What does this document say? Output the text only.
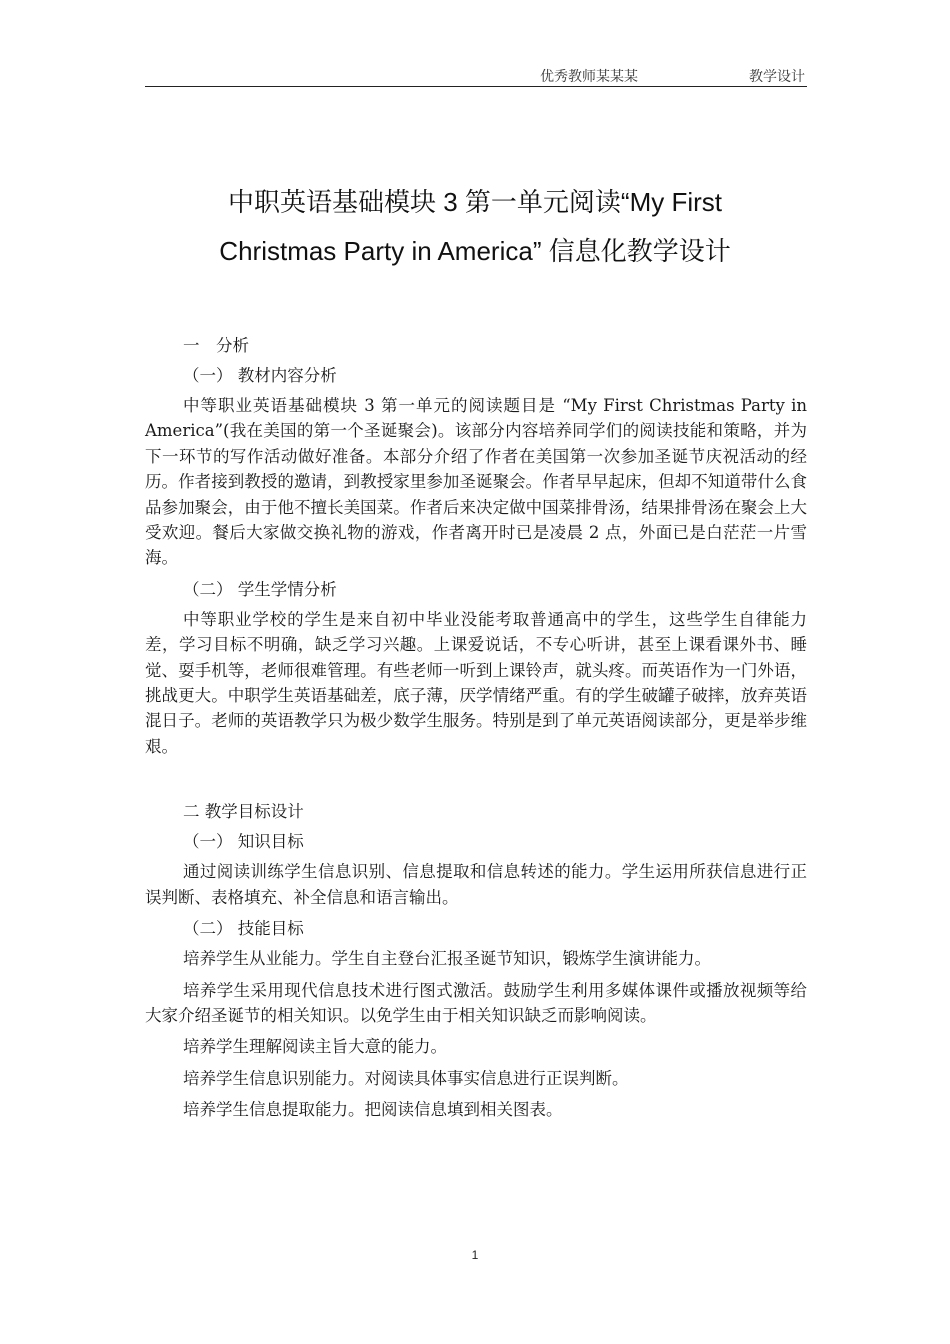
优秀教师某某某	教学设计
中职英语基础模块 3 第一单元阅读“My First
Christmas Party in America” 信息化教学设计

一　分析

（一） 教材内容分析

中等职业英语基础模块 3 第一单元的阅读题目是 “My First Christmas Party in America”(我在美国的第一个圣诞聚会)。该部分内容培养同学们的阅读技能和策略，并为下一环节的写作活动做好准备。本部分介绍了作者在美国第一次参加圣诞节庆祝活动的经历。作者接到教授的邀请，到教授家里参加圣诞聚会。作者早早起床，但却不知道带什么食品参加聚会，由于他不擅长美国菜。作者后来决定做中国菜排骨汤，结果排骨汤在聚会上大受欢迎。餐后大家做交换礼物的游戏，作者离开时已是凌晨 2 点，外面已是白茫茫一片雪海。

（二） 学生学情分析

中等职业学校的学生是来自初中毕业没能考取普通高中的学生，这些学生自律能力差，学习目标不明确，缺乏学习兴趣。上课爱说话，不专心听讲，甚至上课看课外书、睡觉、耍手机等，老师很难管理。有些老师一听到上课铃声，就头疼。而英语作为一门外语，挑战更大。中职学生英语基础差，底子薄，厌学情绪严重。有的学生破罐子破摔，放弃英语混日子。老师的英语教学只为极少数学生服务。特别是到了单元英语阅读部分，更是举步维艰。

二 教学目标设计

（一） 知识目标

通过阅读训练学生信息识别、信息提取和信息转述的能力。学生运用所获信息进行正误判断、表格填充、补全信息和语言输出。

（二） 技能目标

培养学生从业能力。学生自主登台汇报圣诞节知识，锻炼学生演讲能力。

培养学生采用现代信息技术进行图式激活。鼓励学生利用多媒体课件或播放视频等给大家介绍圣诞节的相关知识。以免学生由于相关知识缺乏而影响阅读。

培养学生理解阅读主旨大意的能力。

培养学生信息识别能力。对阅读具体事实信息进行正误判断。

培养学生信息提取能力。把阅读信息填到相关图表。

1
